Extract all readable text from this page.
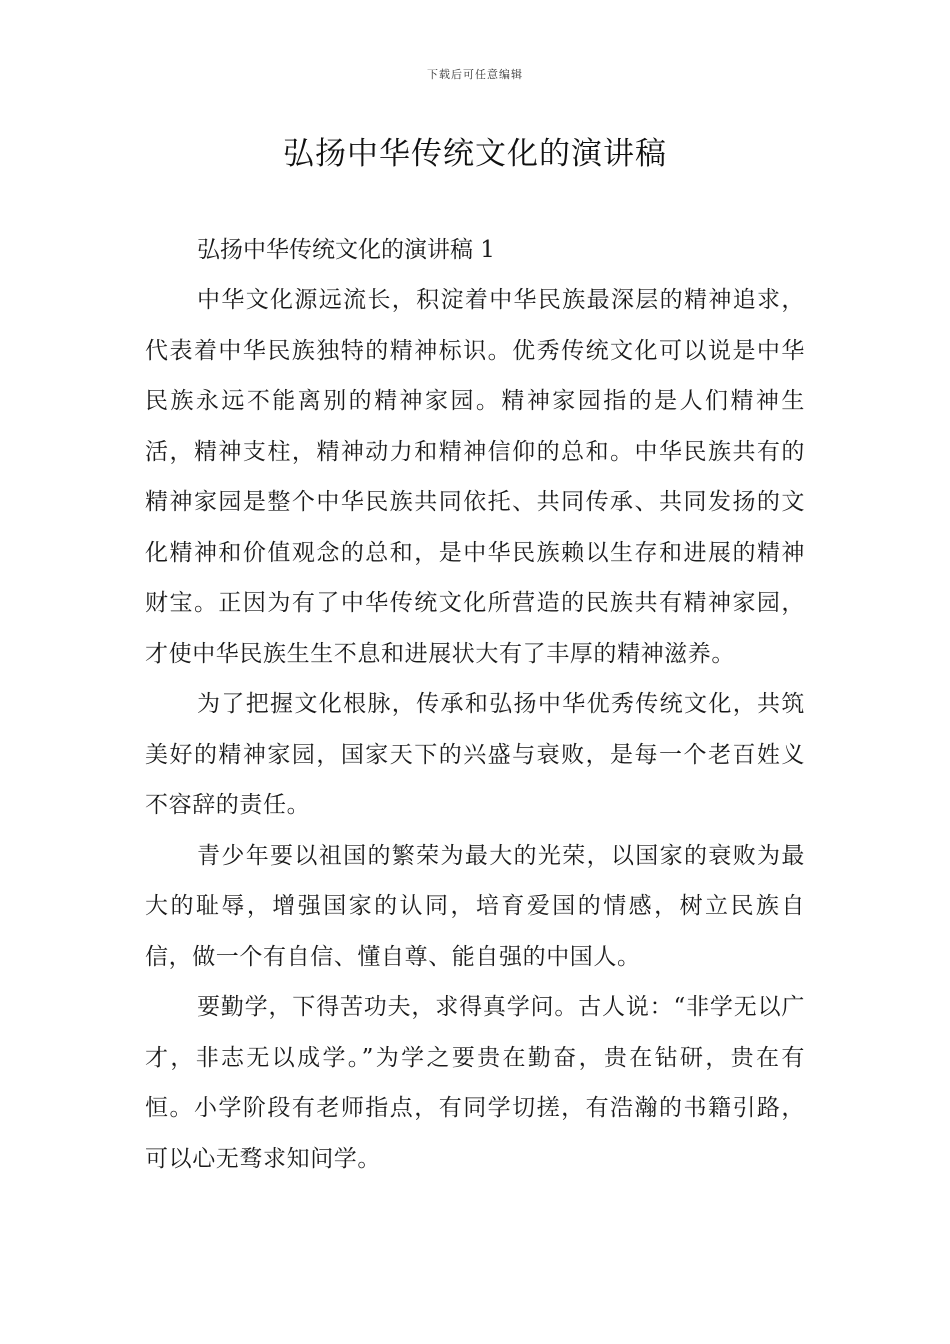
下载后可任意编辑
弘扬中华传统文化的演讲稿

弘扬中华传统文化的演讲稿 1

中华文化源远流长，积淀着中华民族最深层的精神追求，代表着中华民族独特的精神标识。优秀传统文化可以说是中华民族永远不能离别的精神家园。精神家园指的是人们精神生活，精神支柱，精神动力和精神信仰的总和。中华民族共有的精神家园是整个中华民族共同依托、共同传承、共同发扬的文化精神和价值观念的总和，是中华民族赖以生存和进展的精神财宝。正因为有了中华传统文化所营造的民族共有精神家园，才使中华民族生生不息和进展状大有了丰厚的精神滋养。

为了把握文化根脉，传承和弘扬中华优秀传统文化，共筑美好的精神家园，国家天下的兴盛与衰败，是每一个老百姓义不容辞的责任。

青少年要以祖国的繁荣为最大的光荣，以国家的衰败为最大的耻辱，增强国家的认同，培育爱国的情感，树立民族自信，做一个有自信、懂自尊、能自强的中国人。

要勤学，下得苦功夫，求得真学问。古人说：“非学无以广才，非志无以成学。”为学之要贵在勤奋，贵在钻研，贵在有恒。小学阶段有老师指点，有同学切搓，有浩瀚的书籍引路，可以心无骛求知问学。
